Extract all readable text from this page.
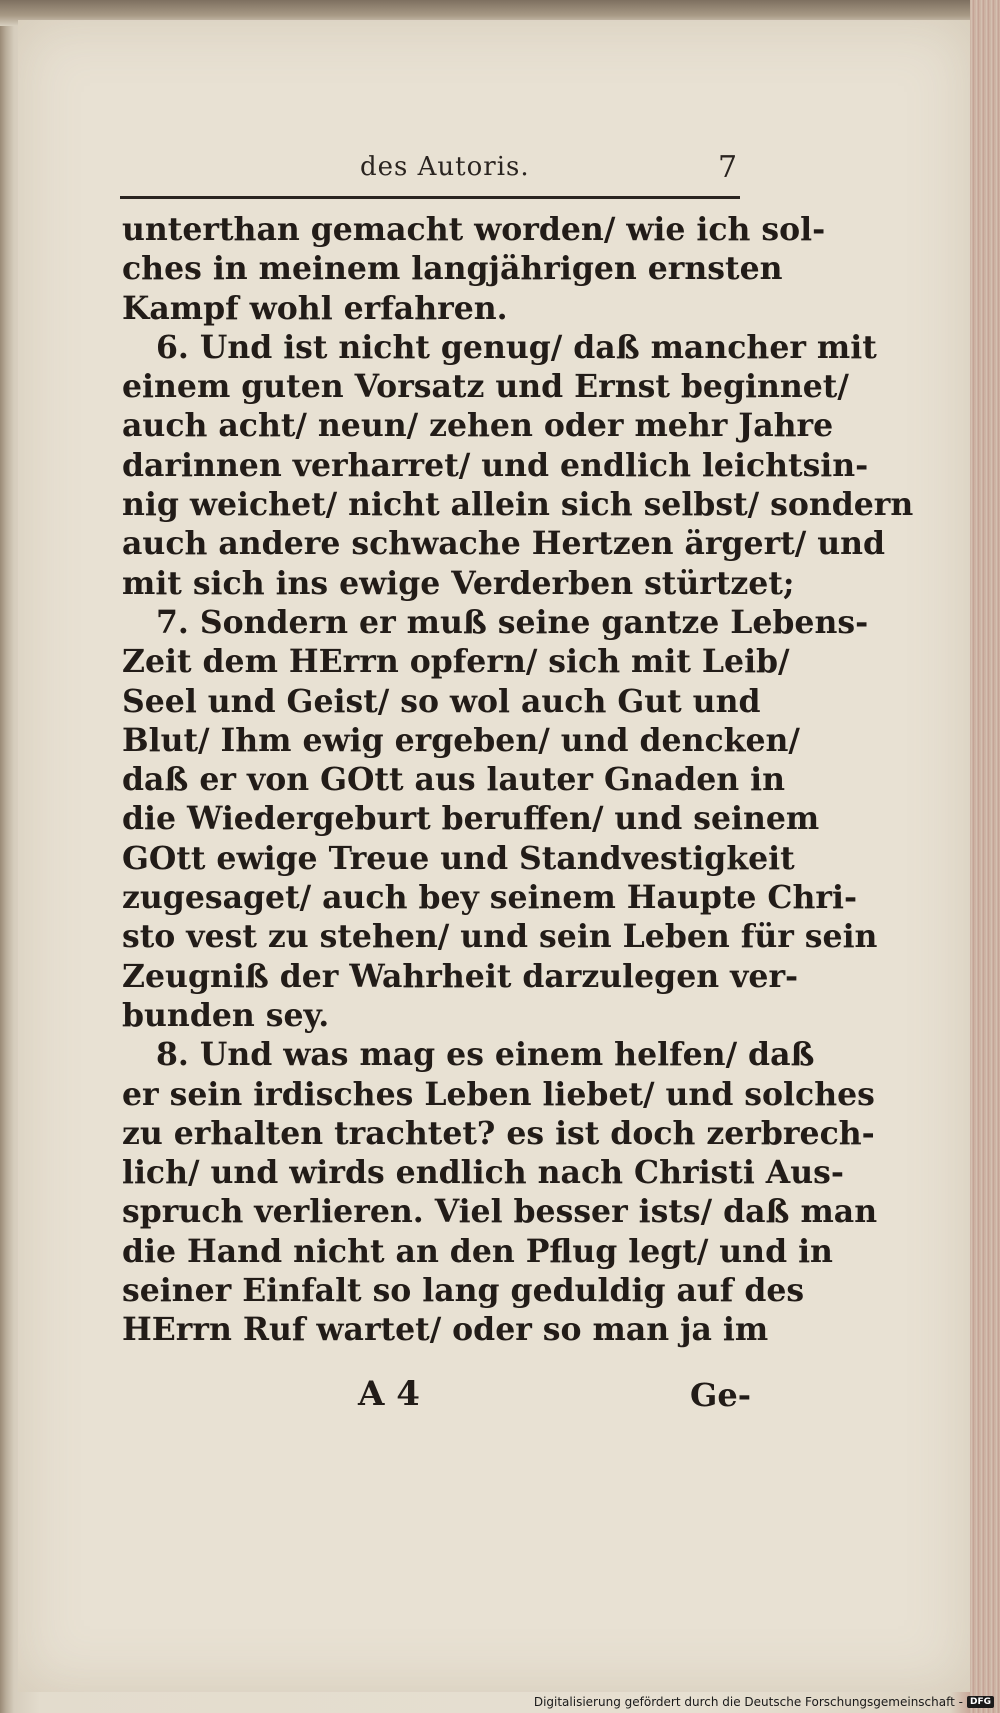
des Autoris.	7
unterthan gemacht worden/ wie ich sol-
ches in meinem langjährigen ernsten
Kampf wohl erfahren.
6. Und ist nicht genug/ daß mancher mit
einem guten Vorsatz und Ernst beginnet/
auch acht/ neun/ zehen oder mehr Jahre
darinnen verharret/ und endlich leichtsin-
nig weichet/ nicht allein sich selbst/ sondern
auch andere schwache Hertzen ärgert/ und
mit sich ins ewige Verderben stürtzet;
7. Sondern er muß seine gantze Lebens-
Zeit dem HErrn opfern/ sich mit Leib/
Seel und Geist/ so wol auch Gut und
Blut/ Ihm ewig ergeben/ und dencken/
daß er von GOtt aus lauter Gnaden in
die Wiedergeburt beruffen/ und seinem
GOtt ewige Treue und Standvestigkeit
zugesaget/ auch bey seinem Haupte Chri-
sto vest zu stehen/ und sein Leben für sein
Zeugniß der Wahrheit darzulegen ver-
bunden sey.
8. Und was mag es einem helfen/ daß
er sein irdisches Leben liebet/ und solches
zu erhalten trachtet? es ist doch zerbrech-
lich/ und wirds endlich nach Christi Aus-
spruch verlieren. Viel besser ists/ daß man
die Hand nicht an den Pflug legt/ und in
seiner Einfalt so lang geduldig auf des
HErrn Ruf wartet/ oder so man ja im
A 4	Ge-
Digitalisierung gefördert durch die Deutsche Forschungsgemeinschaft - DFG
